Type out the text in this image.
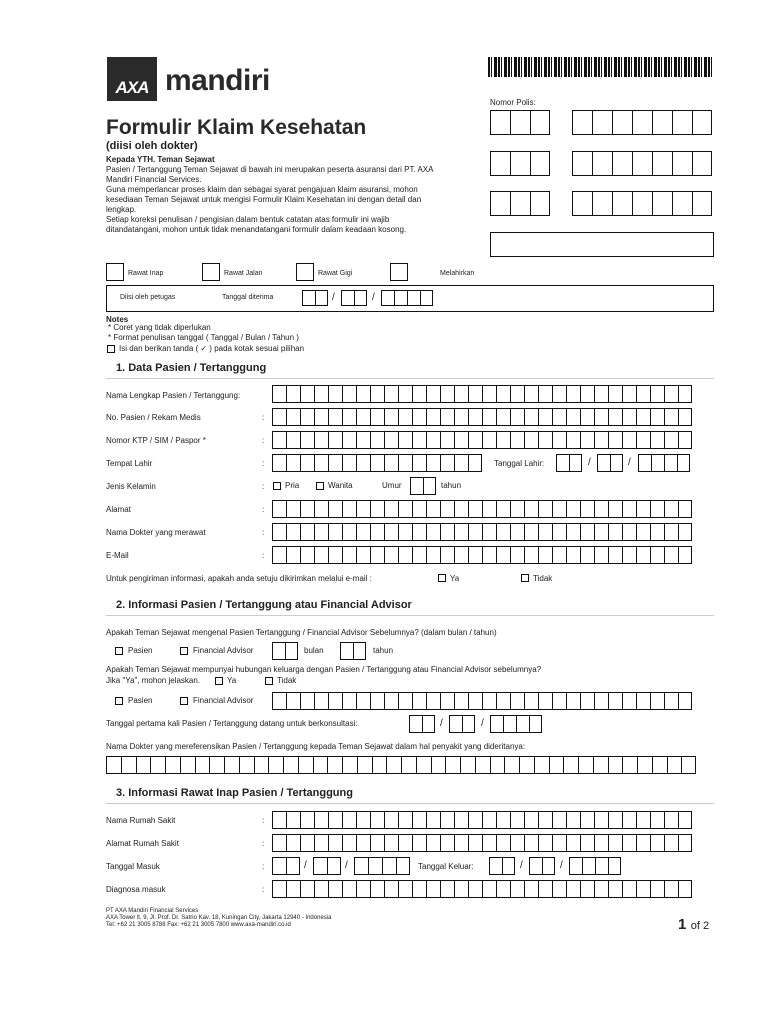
AXA mandiri
Formulir Klaim Kesehatan
(diisi oleh dokter)
Kepada YTH. Teman Sejawat
Pasien / Tertanggung Teman Sejawat di bawah ini merupakan peserta asuransi dari PT. AXA
Mandiri Financial Services.
Guna memperlancar proses klaim dan sebagai syarat pengajuan klaim asuransi, mohon
kesediaan Teman Sejawat untuk mengisi Formulir Klaim Kesehatan ini dengan detail dan
lengkap.
Setiap koreksi penulisan / pengisian dalam bentuk catatan atas formulir ini wajib
ditandatangani, mohon untuk tidak menandatangani formulir dalam keadaan kosong.
Nomor Polis:
Rawat Inap	Rawat Jalan	Rawat Gigi	Melahirkan
Diisi oleh petugas	Tanggal diterima	/	/
Notes
* Coret yang tidak diperlukan
* Format penulisan tanggal ( Tanggal / Bulan / Tahun )
Isi dan berikan tanda ( ✓ ) pada kotak sesuai pilihan
1. Data Pasien / Tertanggung
Nama Lengkap Pasien / Tertanggung:
No. Pasien / Rekam Medis	:
Nomor KTP / SIM / Paspor *	:
Tempat Lahir	:	Tanggal Lahir:	/	/
Jenis Kelamin	:	Pria	Wanita	Umur	tahun
Alamat	:
Nama Dokter yang merawat	:
E-Mail	:
Untuk pengiriman informasi, apakah anda setuju dikirimkan melalui e-mail :	Ya	Tidak
2. Informasi Pasien / Tertanggung atau Financial Advisor
Apakah Teman Sejawat mengenal Pasien Tertanggung / Financial Advisor Sebelumnya? (dalam bulan / tahun)
Pasien	Financial Advisor	bulan	tahun
Apakah Teman Sejawat mempunyai hubungan keluarga dengan Pasien / Tertanggung atau Financial Advisor sebelumnya?
Jika "Ya", mohon jelaskan.	Ya	Tidak
Pasien	Financial Advisor
Tanggal pertama kali Pasien / Tertanggung datang untuk berkonsultasi:	/	/
Nama Dokter yang mereferensikan Pasien / Tertanggung kepada Teman Sejawat dalam hal penyakit yang dideritanya:
3. Informasi Rawat Inap Pasien / Tertanggung
Nama Rumah Sakit	:
Alamat Rumah Sakit	:
Tanggal Masuk	:	/	/	Tanggal Keluar:	/	/
Diagnosa masuk	:
PT AXA Mandiri Financial Services
AXA Tower lt. 9, Jl. Prof. Dr. Satrio Kav. 18, Kuningan City, Jakarta 12940 - Indonesia
Tel: +62 21 3005 8788 Fax: +62 21 3005 7800 www.axa-mandiri.co.id	1 of 2
